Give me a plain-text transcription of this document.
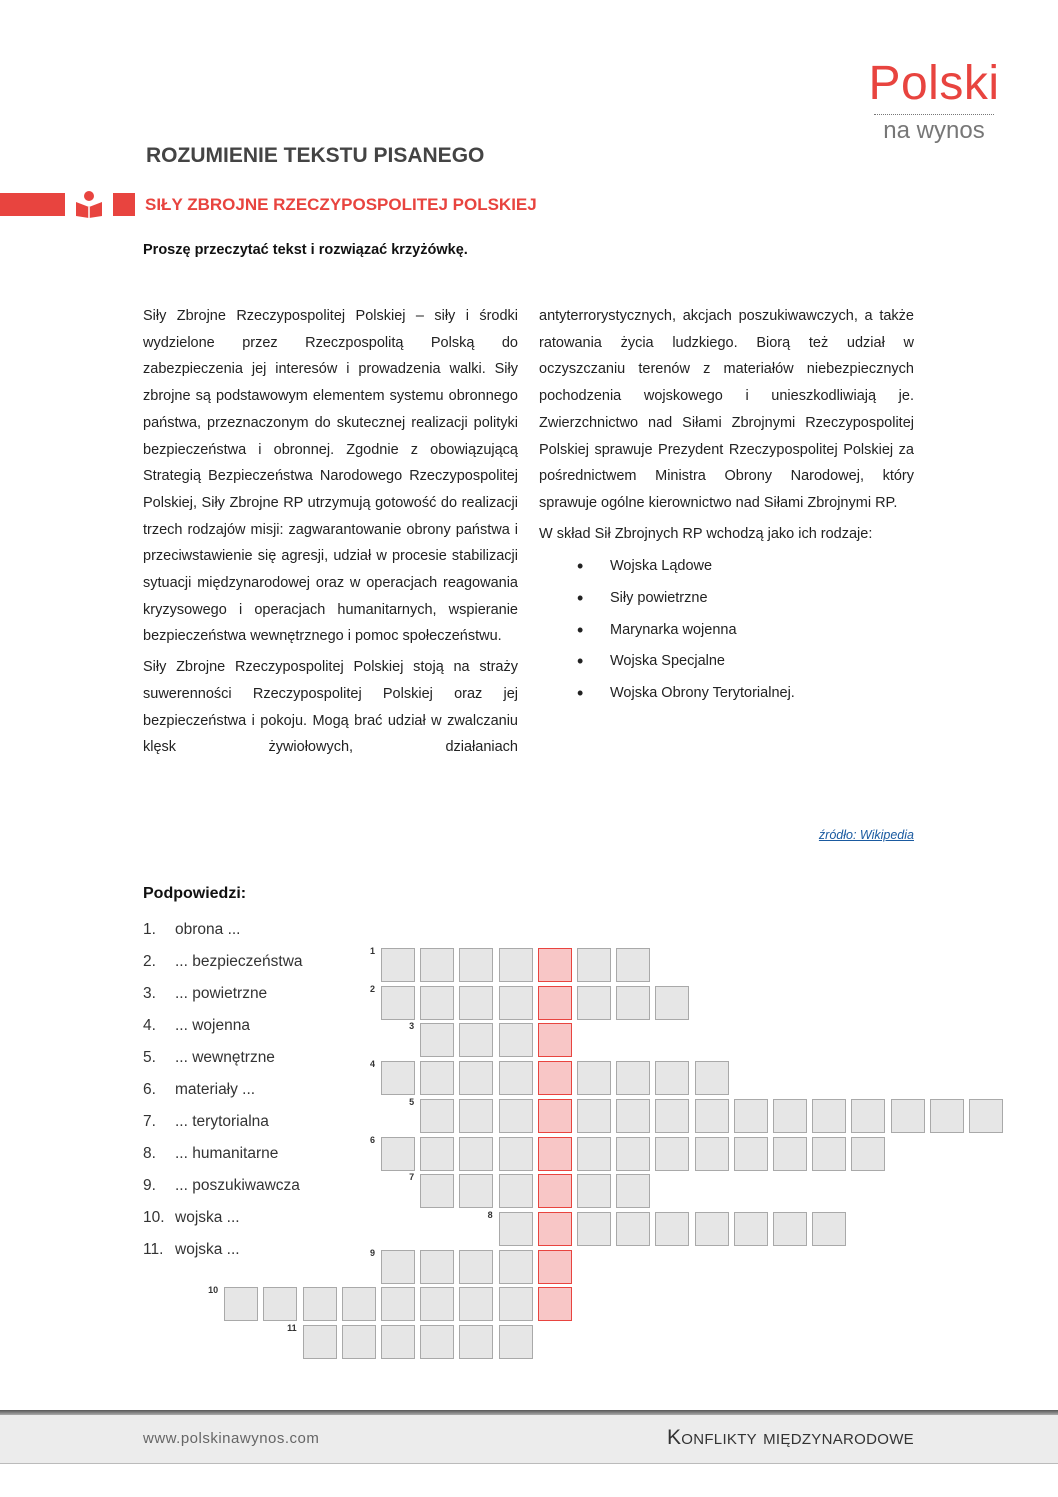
Polski
na wynos
ROZUMIENIE TEKSTU PISANEGO
SIŁY ZBROJNE RZECZYPOSPOLITEJ POLSKIEJ
Proszę przeczytać tekst i rozwiązać krzyżówkę.

Siły Zbrojne Rzeczypospolitej Polskiej – siły i środki wydzielone przez Rzeczpospolitą Polską do zabezpieczenia jej interesów i prowadzenia walki. Siły zbrojne są podstawowym elementem systemu obronnego państwa, przeznaczonym do skutecznej realizacji polityki bezpieczeństwa i obronnej. Zgodnie z obowiązującą Strategią Bezpieczeństwa Narodowego Rzeczypospolitej Polskiej, Siły Zbrojne RP utrzymują gotowość do realizacji trzech rodzajów misji: zagwarantowanie obrony państwa i przeciwstawienie się agresji, udział w procesie stabilizacji sytuacji międzynarodowej oraz w operacjach reagowania kryzysowego i operacjach humanitarnych, wspieranie bezpieczeństwa wewnętrznego i pomoc społeczeństwu.

Siły Zbrojne Rzeczypospolitej Polskiej stoją na straży suwerenności Rzeczypospolitej Polskiej oraz jej bezpieczeństwa i pokoju. Mogą brać udział w zwalczaniu klęsk żywiołowych, działaniach

antyterrorystycznych, akcjach poszukiwawczych, a także ratowania życia ludzkiego. Biorą też udział w oczyszczaniu terenów z materiałów niebezpiecznych pochodzenia wojskowego i unieszkodliwiają je. Zwierzchnictwo nad Siłami Zbrojnymi Rzeczypospolitej Polskiej sprawuje Prezydent Rzeczypospolitej Polskiej za pośrednictwem Ministra Obrony Narodowej, który sprawuje ogólne kierownictwo nad Siłami Zbrojnymi RP.

W skład Sił Zbrojnych RP wchodzą jako ich rodzaje:

• Wojska Lądowe
• Siły powietrzne
• Marynarka wojenna
• Wojska Specjalne
• Wojska Obrony Terytorialnej.
źródło: Wikipedia
Podpowiedzi:
1. obrona ...
2. ... bezpieczeństwa
3. ... powietrzne
4. ... wojenna
5. ... wewnętrzne
6. materiały ...
7. ... terytorialna
8. ... humanitarne
9. ... poszukiwawcza
10. wojska ...
11. wojska ...
1
2
3
4
5
6
7
8
9
10
11
www.polskinawynos.com	Konflikty międzynarodowe
